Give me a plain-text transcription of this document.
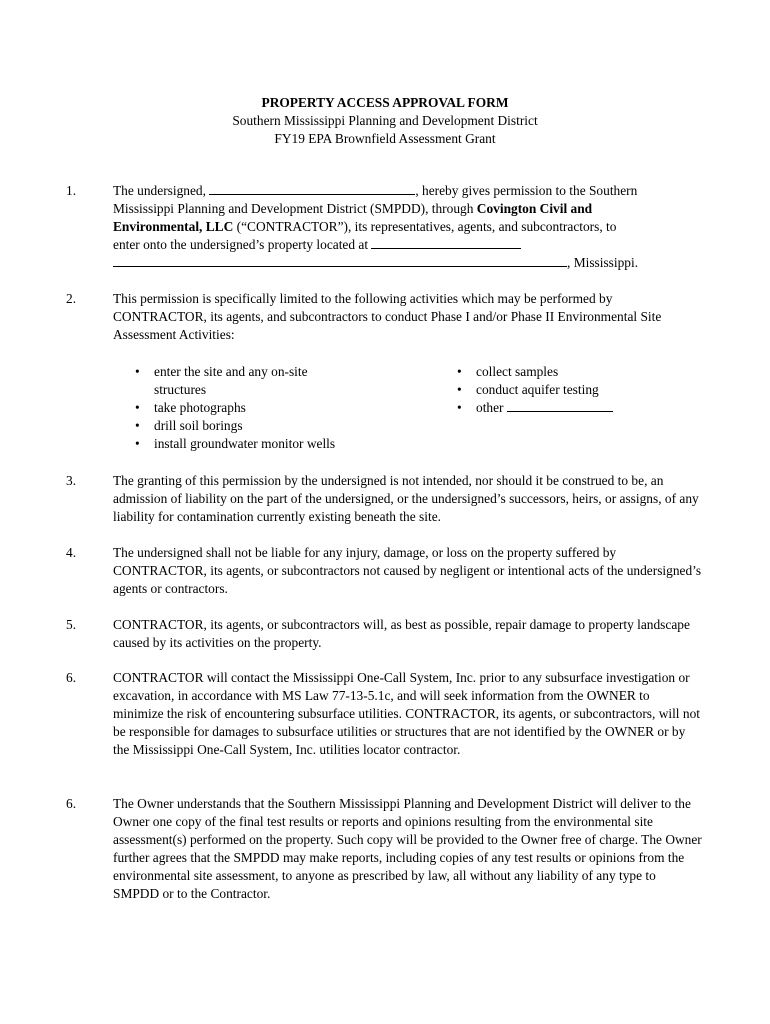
PROPERTY ACCESS APPROVAL FORM
Southern Mississippi Planning and Development District
FY19 EPA Brownfield Assessment Grant
1.	The undersigned,	, hereby gives permission to the Southern
Mississippi Planning and Development District (SMPDD), through Covington Civil and
Environmental, LLC (“CONTRACTOR”), its representatives, agents, and subcontractors, to
enter onto the undersigned’s property located at
, Mississippi.
2.	This permission is specifically limited to the following activities which may be performed by CONTRACTOR, its agents, and subcontractors to conduct Phase I and/or Phase II Environmental Site Assessment Activities:
• enter the site and any on-site structures
• take photographs
• drill soil borings
• install groundwater monitor wells
• collect samples
• conduct aquifer testing
• other
3.	The granting of this permission by the undersigned is not intended, nor should it be construed to be, an admission of liability on the part of the undersigned, or the undersigned’s successors, heirs, or assigns, of any liability for contamination currently existing beneath the site.
4.	The undersigned shall not be liable for any injury, damage, or loss on the property suffered by CONTRACTOR, its agents, or subcontractors not caused by negligent or intentional acts of the undersigned’s agents or contractors.
5.	CONTRACTOR, its agents, or subcontractors will, as best as possible, repair damage to property landscape caused by its activities on the property.
6.	CONTRACTOR will contact the Mississippi One-Call System, Inc. prior to any subsurface investigation or excavation, in accordance with MS Law 77-13-5.1c, and will seek information from the OWNER to minimize the risk of encountering subsurface utilities. CONTRACTOR, its agents, or subcontractors, will not be responsible for damages to subsurface utilities or structures that are not identified by the OWNER or by the Mississippi One-Call System, Inc. utilities locator contractor.
6.	The Owner understands that the Southern Mississippi Planning and Development District will deliver to the Owner one copy of the final test results or reports and opinions resulting from the environmental site assessment(s) performed on the property. Such copy will be provided to the Owner free of charge. The Owner further agrees that the SMPDD may make reports, including copies of any test results or opinions from the environmental site assessment, to anyone as prescribed by law, all without any liability of any type to SMPDD or to the Contractor.
